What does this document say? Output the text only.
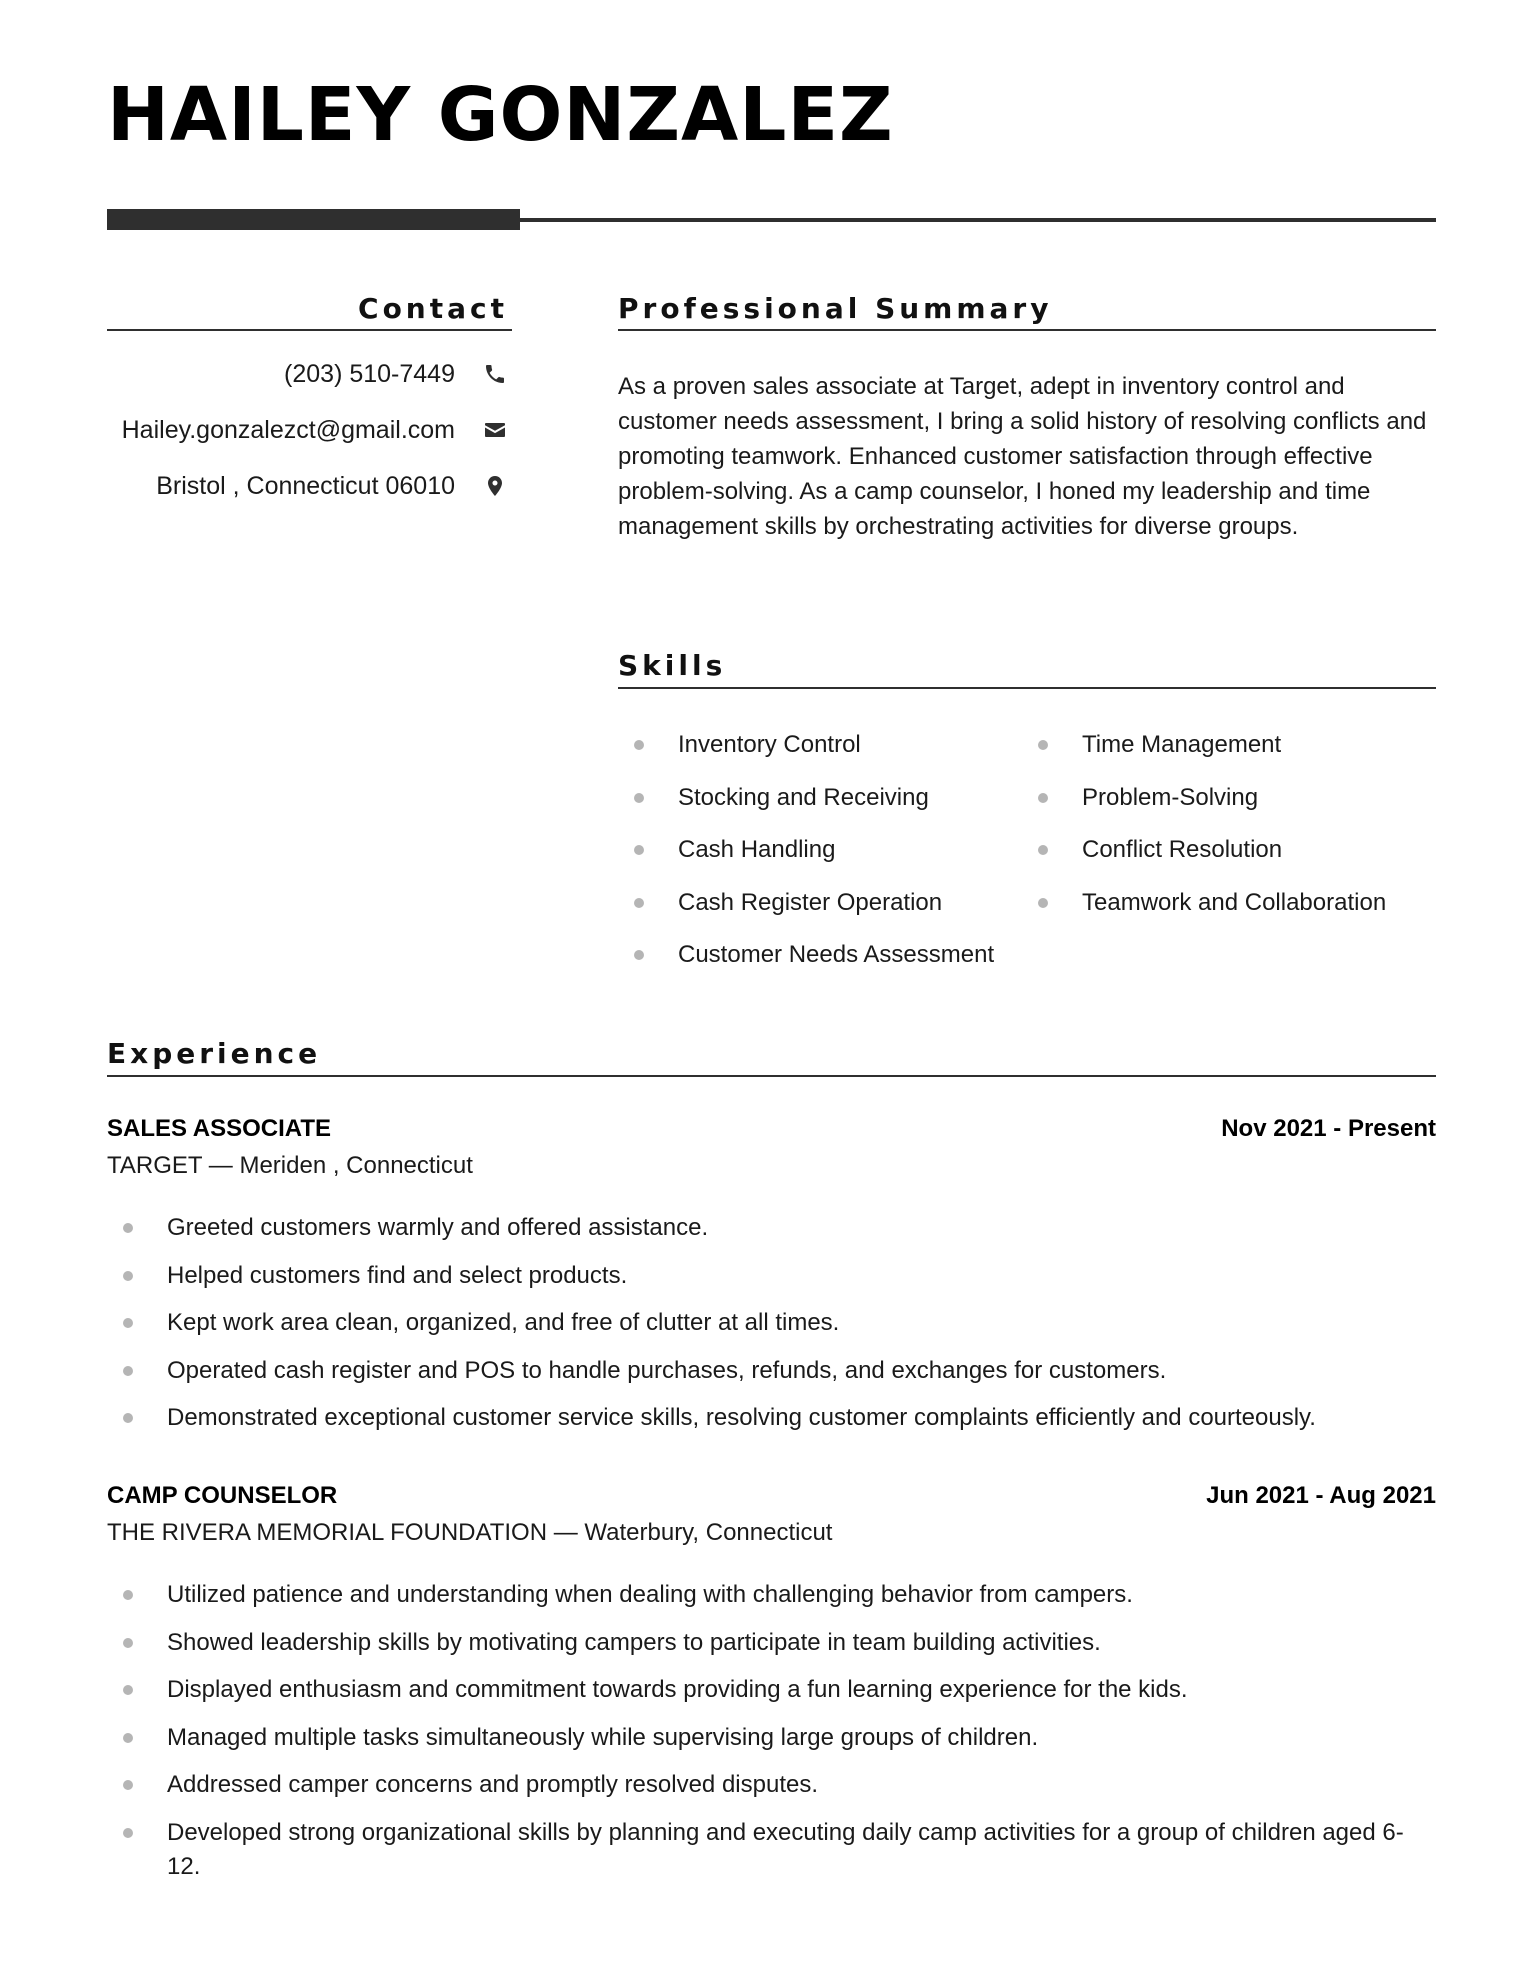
HAILEY GONZALEZ
Contact
(203) 510-7449
Hailey.gonzalezct@gmail.com
Bristol , Connecticut 06010
Professional Summary

As a proven sales associate at Target, adept in inventory control and customer needs assessment, I bring a solid history of resolving conflicts and promoting teamwork. Enhanced customer satisfaction through effective problem-solving. As a camp counselor, I honed my leadership and time management skills by orchestrating activities for diverse groups.

Skills
Inventory Control
Stocking and Receiving
Cash Handling
Cash Register Operation
Customer Needs Assessment
Time Management
Problem-Solving
Conflict Resolution
Teamwork and Collaboration
Experience
SALES ASSOCIATE	Nov 2021 - Present
TARGET — Meriden , Connecticut
Greeted customers warmly and offered assistance.
Helped customers find and select products.
Kept work area clean, organized, and free of clutter at all times.
Operated cash register and POS to handle purchases, refunds, and exchanges for customers.
Demonstrated exceptional customer service skills, resolving customer complaints efficiently and courteously.
CAMP COUNSELOR	Jun 2021 - Aug 2021
THE RIVERA MEMORIAL FOUNDATION — Waterbury, Connecticut
Utilized patience and understanding when dealing with challenging behavior from campers.
Showed leadership skills by motivating campers to participate in team building activities.
Displayed enthusiasm and commitment towards providing a fun learning experience for the kids.
Managed multiple tasks simultaneously while supervising large groups of children.
Addressed camper concerns and promptly resolved disputes.
Developed strong organizational skills by planning and executing daily camp activities for a group of children aged 6-12.
